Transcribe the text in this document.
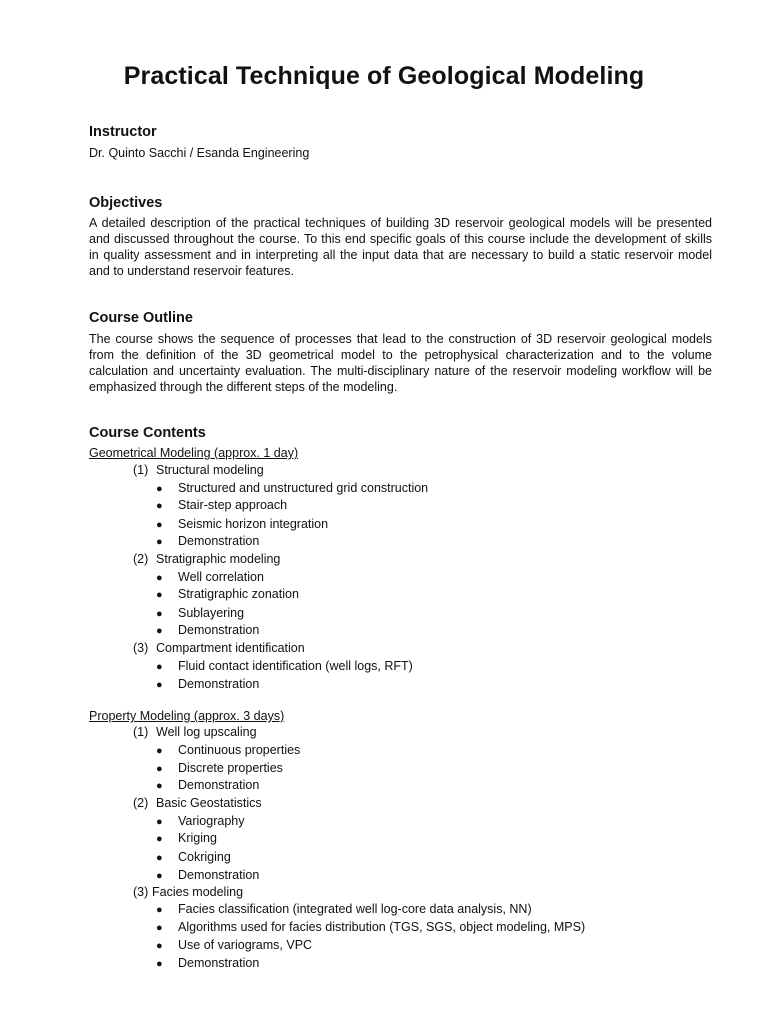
Practical Technique of Geological Modeling
Instructor

Dr. Quinto Sacchi / Esanda Engineering

Objectives

A detailed description of the practical techniques of building 3D reservoir geological models will be presented and discussed throughout the course. To this end specific goals of this course include the development of skills in quality assessment and in interpreting all the input data that are necessary to build a static reservoir model and to understand reservoir features.

Course Outline

The course shows the sequence of processes that lead to the construction of 3D reservoir geological models from the definition of the 3D geometrical model to the petrophysical characterization and to the volume calculation and uncertainty evaluation. The multi-disciplinary nature of the reservoir modeling workflow will be emphasized through the different steps of the modeling.

Course Contents

Geometrical Modeling (approx. 1 day)

(1) Structural modeling

● Structured and unstructured grid construction

● Stair-step approach

● Seismic horizon integration

● Demonstration

(2) Stratigraphic modeling

● Well correlation

● Stratigraphic zonation

● Sublayering

● Demonstration

(3) Compartment identification

● Fluid contact identification (well logs, RFT)

● Demonstration

Property Modeling (approx. 3 days)

(1) Well log upscaling

● Continuous properties

● Discrete properties

● Demonstration

(2) Basic Geostatistics

● Variography

● Kriging

● Cokriging

● Demonstration

(3) Facies modeling

● Facies classification (integrated well log-core data analysis, NN)

● Algorithms used for facies distribution (TGS, SGS, object modeling, MPS)

● Use of variograms, VPC

● Demonstration
